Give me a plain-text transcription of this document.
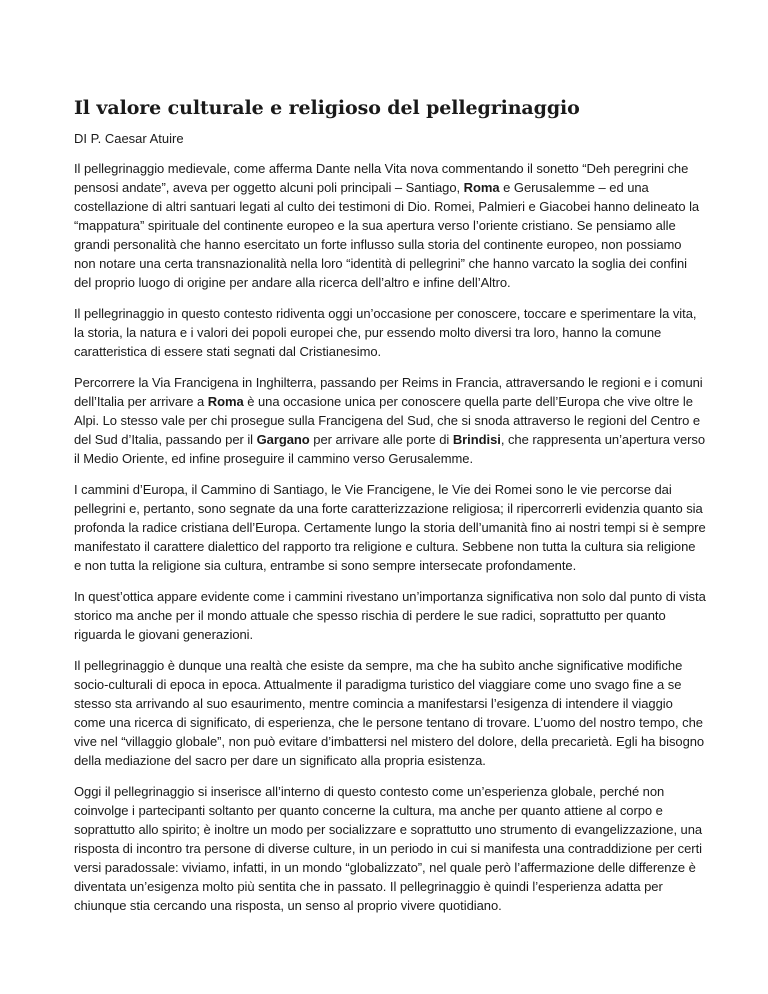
Il valore culturale e religioso del pellegrinaggio
DI P. Caesar Atuire

Il pellegrinaggio medievale, come afferma Dante nella Vita nova commentando il sonetto “Deh peregrini che pensosi andate”, aveva per oggetto alcuni poli principali – Santiago, Roma e Gerusalemme – ed una costellazione di altri santuari legati al culto dei testimoni di Dio. Romei, Palmieri e Giacobei hanno delineato la “mappatura” spirituale del continente europeo e la sua apertura verso l’oriente cristiano. Se pensiamo alle grandi personalità che hanno esercitato un forte influsso sulla storia del continente europeo, non possiamo non notare una certa transnazionalità nella loro “identità di pellegrini” che hanno varcato la soglia dei confini del proprio luogo di origine per andare alla ricerca dell’altro e infine dell’Altro.

Il pellegrinaggio in questo contesto ridiventa oggi un’occasione per conoscere, toccare e sperimentare la vita, la storia, la natura e i valori dei popoli europei che, pur essendo molto diversi tra loro, hanno la comune caratteristica di essere stati segnati dal Cristianesimo.

Percorrere la Via Francigena in Inghilterra, passando per Reims in Francia, attraversando le regioni e i comuni dell’Italia per arrivare a Roma è una occasione unica per conoscere quella parte dell’Europa che vive oltre le Alpi. Lo stesso vale per chi prosegue sulla Francigena del Sud, che si snoda attraverso le regioni del Centro e del Sud d’Italia, passando per il Gargano per arrivare alle porte di Brindisi, che rappresenta un’apertura verso il Medio Oriente, ed infine proseguire il cammino verso Gerusalemme.

I cammini d’Europa, il Cammino di Santiago, le Vie Francigene, le Vie dei Romei sono le vie percorse dai pellegrini e, pertanto, sono segnate da una forte caratterizzazione religiosa; il ripercorrerli evidenzia quanto sia profonda la radice cristiana dell’Europa. Certamente lungo la storia dell’umanità fino ai nostri tempi si è sempre manifestato il carattere dialettico del rapporto tra religione e cultura. Sebbene non tutta la cultura sia religione e non tutta la religione sia cultura, entrambe si sono sempre intersecate profondamente.

In quest’ottica appare evidente come i cammini rivestano un’importanza significativa non solo dal punto di vista storico ma anche per il mondo attuale che spesso rischia di perdere le sue radici, soprattutto per quanto riguarda le giovani generazioni.

Il pellegrinaggio è dunque una realtà che esiste da sempre, ma che ha subìto anche significative modifiche socio-culturali di epoca in epoca. Attualmente il paradigma turistico del viaggiare come uno svago fine a se stesso sta arrivando al suo esaurimento, mentre comincia a manifestarsi l’esigenza di intendere il viaggio come una ricerca di significato, di esperienza, che le persone tentano di trovare. L’uomo del nostro tempo, che vive nel “villaggio globale”, non può evitare d’imbattersi nel mistero del dolore, della precarietà. Egli ha bisogno della mediazione del sacro per dare un significato alla propria esistenza.

Oggi il pellegrinaggio si inserisce all’interno di questo contesto come un’esperienza globale, perché non coinvolge i partecipanti soltanto per quanto concerne la cultura, ma anche per quanto attiene al corpo e soprattutto allo spirito; è inoltre un modo per socializzare e soprattutto uno strumento di evangelizzazione, una risposta di incontro tra persone di diverse culture, in un periodo in cui si manifesta una contraddizione per certi versi paradossale: viviamo, infatti, in un mondo “globalizzato”, nel quale però l’affermazione delle differenze è diventata un’esigenza molto più sentita che in passato. Il pellegrinaggio è quindi l’esperienza adatta per chiunque stia cercando una risposta, un senso al proprio vivere quotidiano.
